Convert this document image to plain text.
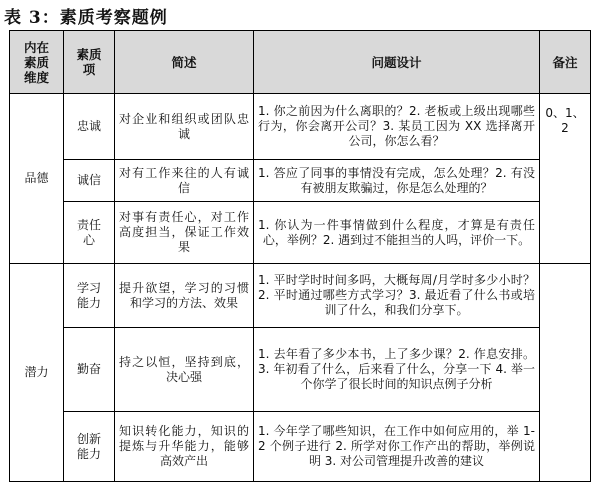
表 3：素质考察题例
内在素质维度	素质项	简述	问题设计	备注
品德	忠诚	对企业和组织或团队忠诚	1. 你之前因为什么离职的？2. 老板或上级出现哪些行为，你会离开公司？3. 某员工因为 XX 选择离开公司，你怎么看？	0、1、2
	诚信	对有工作来往的人有诚信	1. 答应了同事的事情没有完成，怎么处理？2. 有没有被朋友欺骗过，你是怎么处理的？	
	责任心	对事有责任心，对工作高度担当，保证工作效果	1. 你认为一件事情做到什么程度，才算是有责任心，举例？2. 遇到过不能担当的人吗，评价一下。	
潜力	学习能力	提升欲望，学习的习惯和学习的方法、效果	1. 平时学时时间多吗，大概每周/月学时多少小时？2. 平时通过哪些方式学习？3. 最近看了什么书或培训了什么，和我们分享下。	
	勤奋	持之以恒，坚持到底，决心强	1. 去年看了多少本书，上了多少课？2. 作息安排。3. 年初看了什么，后来看了什么，分享一下 4. 举一个你学了很长时间的知识点例子分析	
	创新能力	知识转化能力，知识的提炼与升华能力，能够高效产出	1. 今年学了哪些知识，在工作中如何应用的，举 1-2 个例子进行 2. 所学对你工作产出的帮助，举例说明 3. 对公司管理提升改善的建议	
